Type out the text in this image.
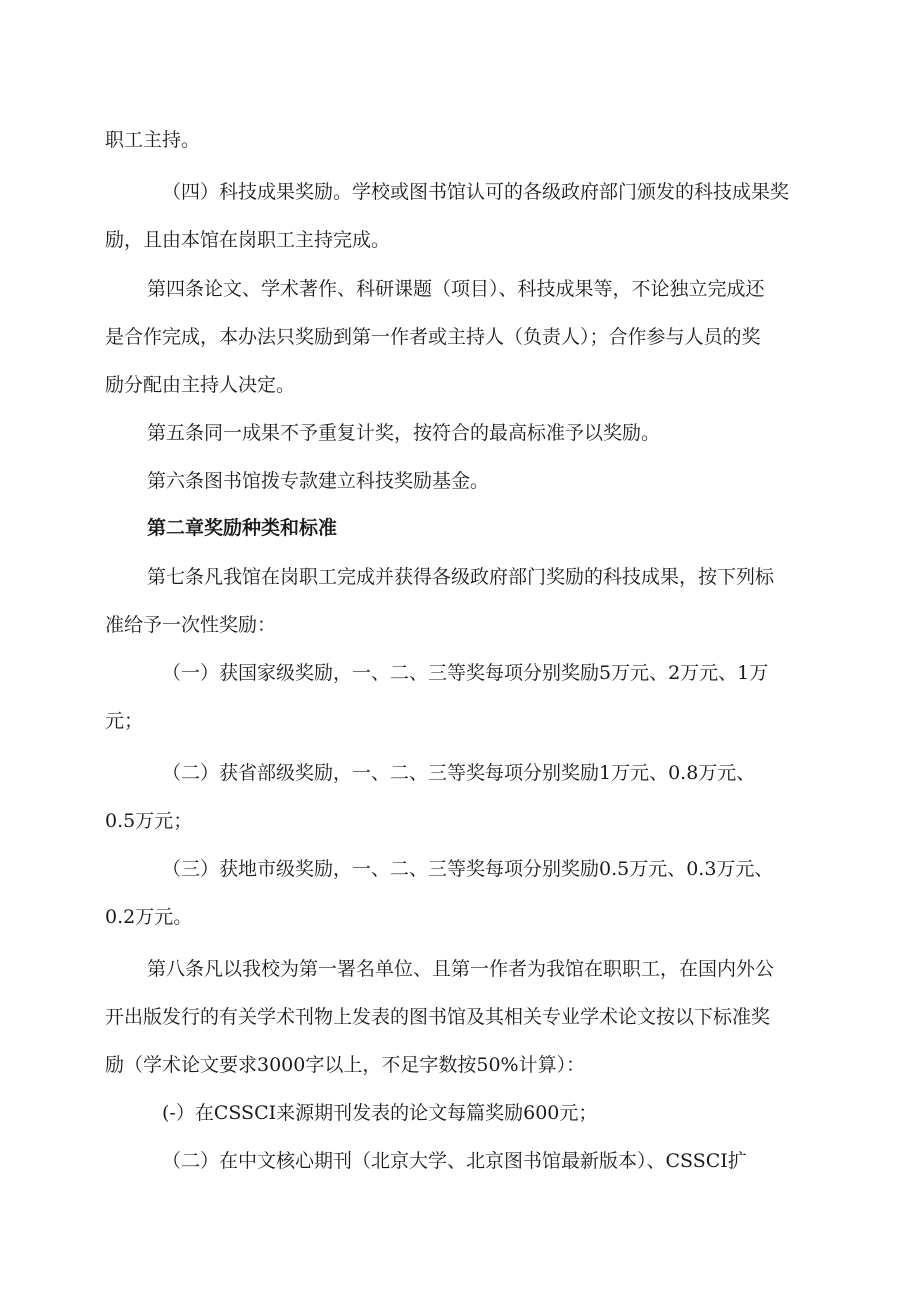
职工主持。

（四）科技成果奖励。学校或图书馆认可的各级政府部门颁发的科技成果奖

励，且由本馆在岗职工主持完成。

第四条论文、学术著作、科研课题（项目）、科技成果等，不论独立完成还

是合作完成，本办法只奖励到第一作者或主持人（负责人）；合作参与人员的奖

励分配由主持人决定。

第五条同一成果不予重复计奖，按符合的最高标准予以奖励。

第六条图书馆拨专款建立科技奖励基金。

第二章奖励种类和标准

第七条凡我馆在岗职工完成并获得各级政府部门奖励的科技成果，按下列标

准给予一次性奖励：

（一）获国家级奖励，一、二、三等奖每项分别奖励5万元、2万元、1万

元；

（二）获省部级奖励，一、二、三等奖每项分别奖励1万元、0.8万元、

0.5万元；

（三）获地市级奖励，一、二、三等奖每项分别奖励0.5万元、0.3万元、

0.2万元。

第八条凡以我校为第一署名单位、且第一作者为我馆在职职工，在国内外公

开出版发行的有关学术刊物上发表的图书馆及其相关专业学术论文按以下标准奖

励（学术论文要求3000字以上，不足字数按50%计算）：

(-）在CSSCI来源期刊发表的论文每篇奖励600元；

（二）在中文核心期刊（北京大学、北京图书馆最新版本）、CSSCI扩
